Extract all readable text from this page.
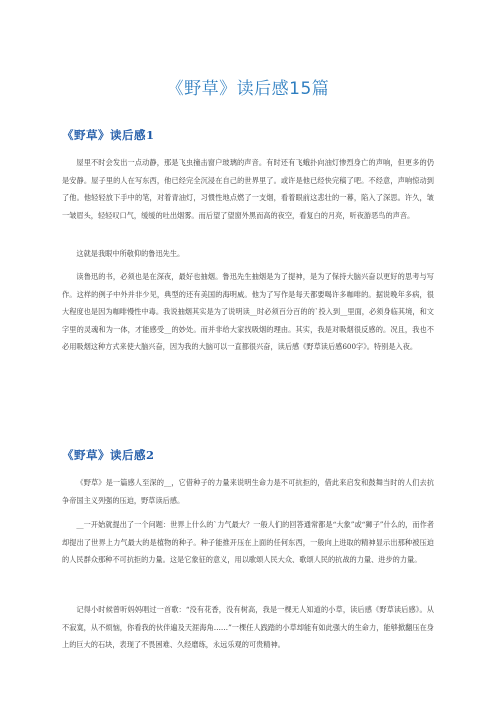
《野草》读后感15篇
《野草》读后感1

屋里不时会发出一点动静，那是飞虫撞击窗户玻璃的声音。有时还有飞蛾扑向油灯惨烈身亡的声响，但更多的仍是安静。屋子里的人在写东西，他已经完全沉浸在自己的世界里了。或许是他已经快完稿了吧。不经意，声响惊动到了他。他轻轻放下手中的笔，对着青油灯，习惯性地点燃了一支烟，看着眼前这悲壮的一幕，陷入了深思。许久，皱一皱眉头，轻轻叹口气，缓缓的吐出烟雾。而后望了望窗外黑而高的夜空，看复白的月亮，听夜游恶鸟的声音。

这就是我眼中所敬仰的鲁迅先生。

读鲁迅的书，必须也是在深夜，最好也抽烟。鲁迅先生抽烟是为了提神，是为了保持大脑兴奋以更好的思考与写作。这样的例子中外并非少见，典型的还有美国的海明威。他为了写作是每天都要喝许多咖啡的。据说晚年多病，很大程度也是因为咖啡慢性中毒。我说抽烟其实是为了说明读__时必须百分百的的`投入到__里面，必须身临其境，和文字里的灵魂和为一体，才能感受__的妙处。而并非给大家找吸烟的理由。其实，我是对吸烟很反感的。况且，我也不必用吸烟这种方式来使大脑兴奋，因为我的大脑可以一直都很兴奋，读后感《野草读后感600字》。特别是入夜。

《野草》读后感2

《野草》是一篇感人至深的__，它借种子的力量来说明生命力是不可抗拒的，借此来启发和鼓舞当时的人们去抗争帝国主义列强的压迫，野草读后感。

__一开始就提出了一个问题：世界上什么的`力气最大？一般人们的回答通常都是“大象”或“狮子”什么的，而作者却提出了世界上力气最大的是植物的种子。种子能推开压在上面的任何东西，一般向上进取的精神显示出那种被压迫的人民群众那种不可抗拒的力量。这是它象征的意义，用以歌颂人民大众、歌颂人民的抗战的力量、进步的力量。

记得小时候曾听妈妈唱过一首歌：“没有花香，没有树高，我是一棵无人知道的小草，读后感《野草读后感》。从不寂寞，从不烦恼，你看我的伙伴遍及天涯海角……”一棵任人践踏的小草却能有如此强大的生命力，能够掀翻压在身上的巨大的石块，表现了不畏困难、久经磨练，永远乐观的可贵精神。
